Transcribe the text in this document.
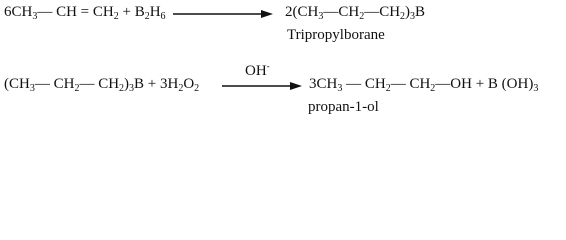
$6CH_3—$ CH = $CH_2 + B_2H_6$	$2(CH_3—CH_2—CH_2)_3B$
Tripropylborane
($CH_3—$ $CH_2—$ $CH_2)_3B + 3H_2O_2$
OH-
$3CH_3$ — $CH_2—$ $CH_2—OH + B$ $(OH)_3$
propan-1-ol
